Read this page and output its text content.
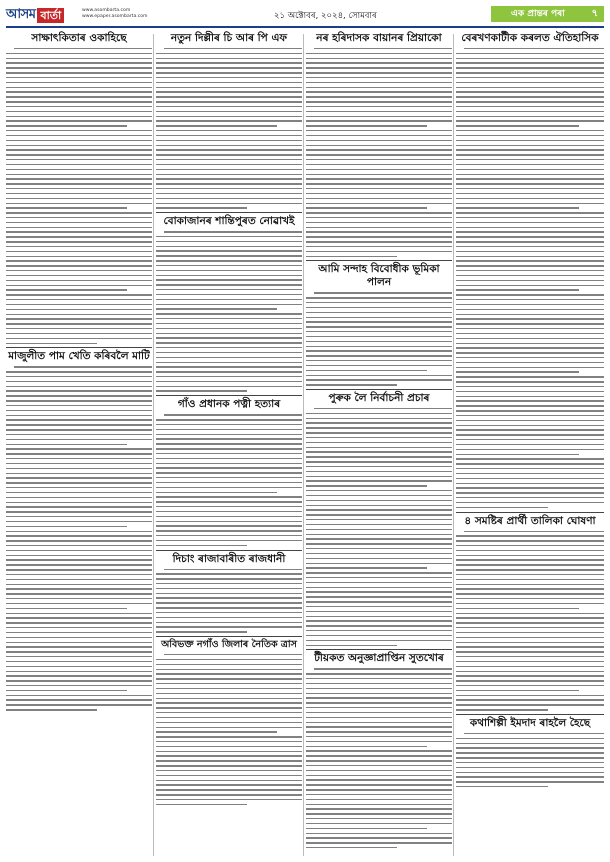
আসম বাৰ্তা	www.asombarta.com
www.epaper.asombarta.com	২১ অক্টোবৰ, ২০২৪, সোমবাৰ	এক প্ৰান্তৰ পৰা	৭
সাক্ষাৎকিতা‌ৰ ওকাহিছে
মাজুলীত পাম খেতি কৰিবলৈ মাটি
নতুন দিল্লীৰ চি আৰ পি এফ
বোকাজানৰ শান্তিপুৰত নোৱাখই
গাঁও প্ৰধানক পত্নী হত্যাৰ
দিচাং ৰাজাবাৰীত ৰাজধানী
অবিভক্ত নগাঁও জিলাৰ নৈতিক ত্ৰাস
নৰ হৰিদাসক বায়ানৰ প্ৰিয়াকো
আমি সন্দাহ বিবোধীক ভূমিকা পালন
পুৰুক লৈ নিৰ্বাচনী প্ৰচাৰ
টীয়কত অনুজ্ঞাপ্ৰাপ্তিন সুতখোৰ
বেৰখণকাটীক কৰলত ঐতিহাসিক
৪ সমষ্টিৰ প্ৰাৰ্থী তালিকা ঘোষণা
কথাশিল্পী ইমদাদ ৰাহলৈ হৈছে
